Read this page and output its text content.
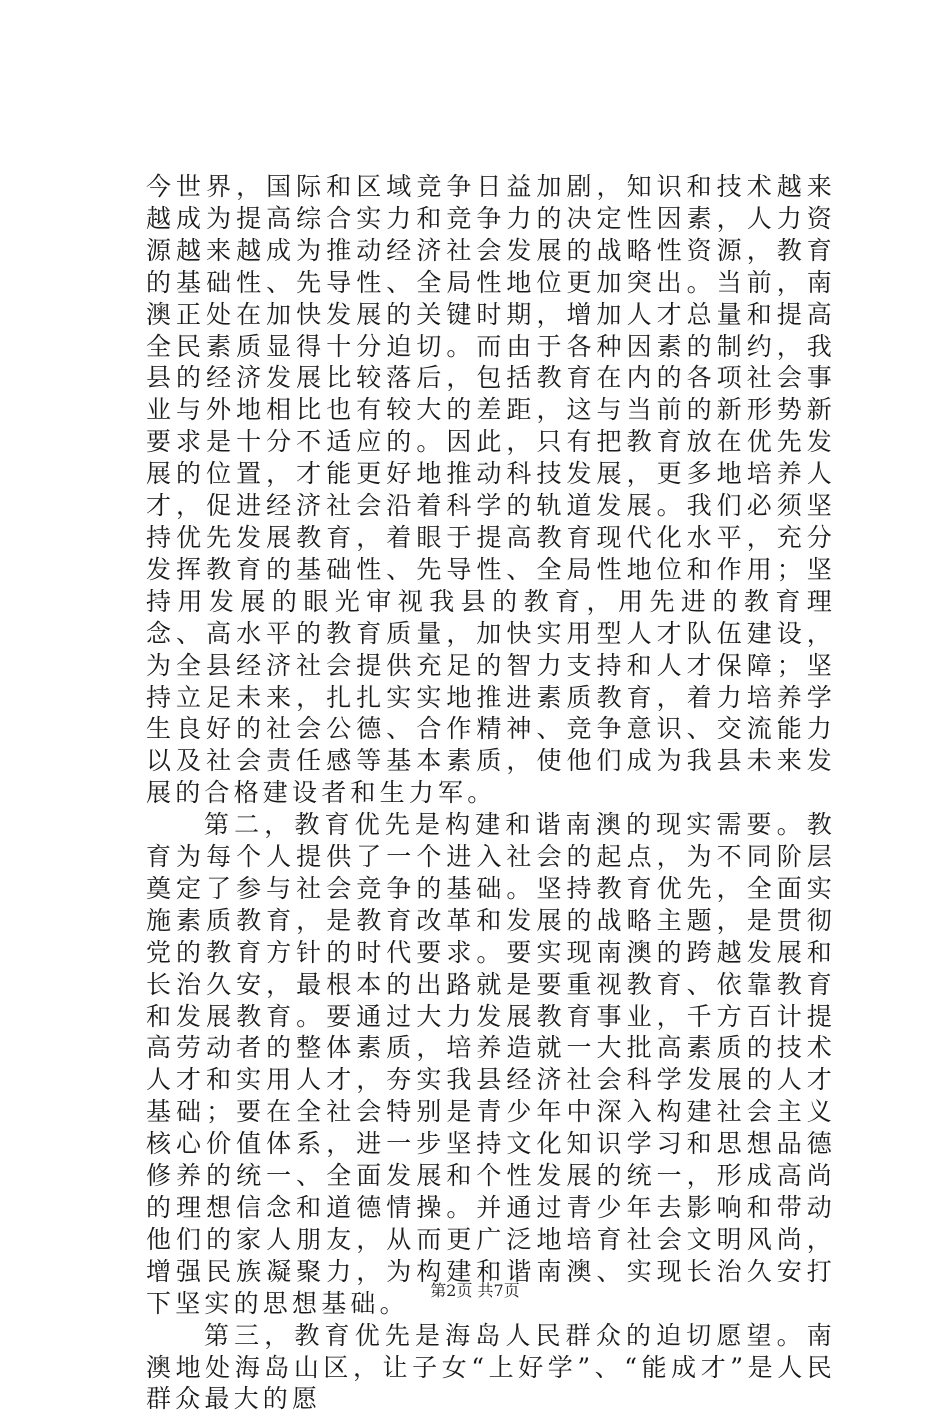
今世界，国际和区域竞争日益加剧，知识和技术越来越成为提高综合实力和竞争力的决定性因素，人力资源越来越成为推动经济社会发展的战略性资源，教育的基础性、先导性、全局性地位更加突出。当前，南澳正处在加快发展的关键时期，增加人才总量和提高全民素质显得十分迫切。而由于各种因素的制约，我县的经济发展比较落后，包括教育在内的各项社会事业与外地相比也有较大的差距，这与当前的新形势新要求是十分不适应的。因此，只有把教育放在优先发展的位置，才能更好地推动科技发展，更多地培养人才，促进经济社会沿着科学的轨道发展。我们必须坚持优先发展教育，着眼于提高教育现代化水平，充分发挥教育的基础性、先导性、全局性地位和作用；坚持用发展的眼光审视我县的教育，用先进的教育理念、高水平的教育质量，加快实用型人才队伍建设，为全县经济社会提供充足的智力支持和人才保障；坚持立足未来，扎扎实实地推进素质教育，着力培养学生良好的社会公德、合作精神、竞争意识、交流能力以及社会责任感等基本素质，使他们成为我县未来发展的合格建设者和生力军。

第二，教育优先是构建和谐南澳的现实需要。教育为每个人提供了一个进入社会的起点，为不同阶层奠定了参与社会竞争的基础。坚持教育优先，全面实施素质教育，是教育改革和发展的战略主题，是贯彻党的教育方针的时代要求。要实现南澳的跨越发展和长治久安，最根本的出路就是要重视教育、依靠教育和发展教育。要通过大力发展教育事业，千方百计提高劳动者的整体素质，培养造就一大批高素质的技术人才和实用人才，夯实我县经济社会科学发展的人才基础；要在全社会特别是青少年中深入构建社会主义核心价值体系，进一步坚持文化知识学习和思想品德修养的统一、全面发展和个性发展的统一，形成高尚的理想信念和道德情操。并通过青少年去影响和带动他们的家人朋友，从而更广泛地培育社会文明风尚，增强民族凝聚力，为构建和谐南澳、实现长治久安打下坚实的思想基础。

第三，教育优先是海岛人民群众的迫切愿望。南澳地处海岛山区，让子女“上好学”、“能成才”是人民群众最大的愿

第2页 共7页
